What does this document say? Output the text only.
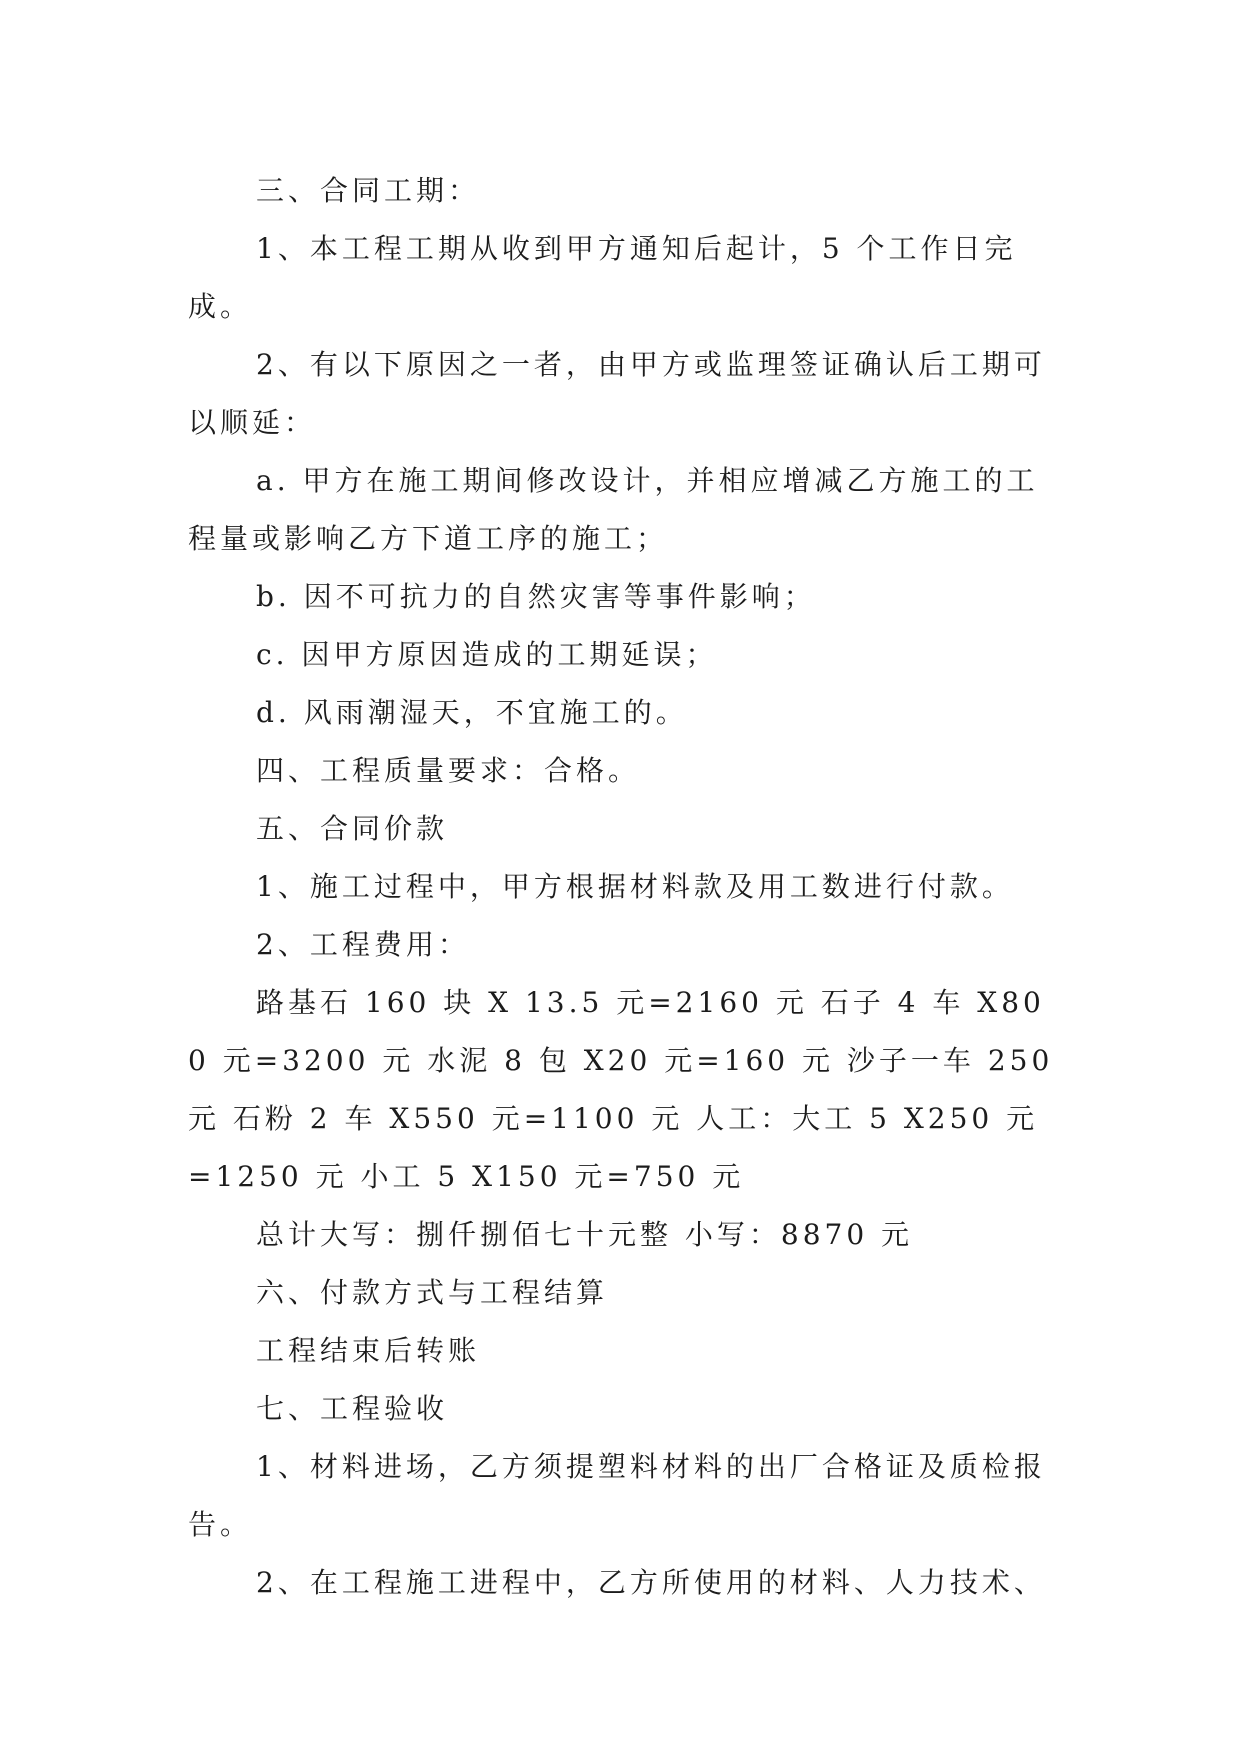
三、合同工期：

1、本工程工期从收到甲方通知后起计，5 个工作日完成。

2、有以下原因之一者，由甲方或监理签证确认后工期可以顺延：

a. 甲方在施工期间修改设计，并相应增减乙方施工的工程量或影响乙方下道工序的施工；

b. 因不可抗力的自然灾害等事件影响；

c. 因甲方原因造成的工期延误；

d. 风雨潮湿天，不宜施工的。

四、工程质量要求：合格。

五、合同价款

1、施工过程中，甲方根据材料款及用工数进行付款。

2、工程费用：

路基石 160 块 X 13.5 元=2160 元 石子 4 车 X800 元=3200 元 水泥 8 包 X20 元=160 元 沙子一车 250 元 石粉 2 车 X550 元=1100 元 人工：大工 5 X250 元=1250 元 小工 5 X150 元=750 元

总计大写：捌仟捌佰七十元整 小写：8870 元

六、付款方式与工程结算

工程结束后转账

七、工程验收

1、材料进场，乙方须提塑料材料的出厂合格证及质检报告。

2、在工程施工进程中，乙方所使用的材料、人力技术、
